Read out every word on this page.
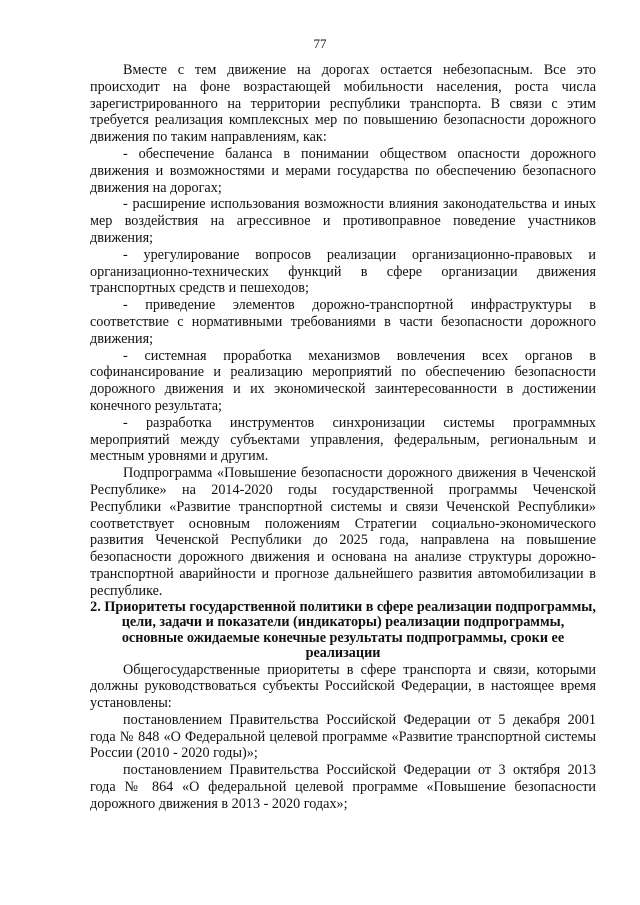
77

Вместе с тем движение на дорогах остается небезопасным. Все это происходит на фоне возрастающей мобильности населения, роста числа зарегистрированного на территории республики транспорта. В связи с этим требуется реализация комплексных мер по повышению безопасности дорожного движения по таким направлениям, как:

- обеспечение баланса в понимании обществом опасности дорожного движения и возможностями и мерами государства по обеспечению безопасного движения на дорогах;

- расширение использования возможности влияния законодательства и иных мер воздействия на агрессивное и противоправное поведение участников движения;

- урегулирование вопросов реализации организационно-правовых и организационно-технических функций в сфере организации движения транспортных средств и пешеходов;

- приведение элементов дорожно-транспортной инфраструктуры в соответствие с нормативными требованиями в части безопасности дорожного движения;

- системная проработка механизмов вовлечения всех органов в софинансирование и реализацию мероприятий по обеспечению безопасности дорожного движения и их экономической заинтересованности в достижении конечного результата;

- разработка инструментов синхронизации системы программных мероприятий между субъектами управления, федеральным, региональным и местным уровнями и другим.

Подпрограмма «Повышение безопасности дорожного движения в Чеченской Республике» на 2014-2020 годы государственной программы Чеченской Республики «Развитие транспортной системы и связи Чеченской Республики» соответствует основным положениям Стратегии социально-экономического развития Чеченской Республики до 2025 года, направлена на повышение безопасности дорожного движения и основана на анализе структуры дорожно-транспортной аварийности и прогнозе дальнейшего развития автомобилизации в республике.

2. Приоритеты государственной политики в сфере реализации подпрограммы, цели, задачи и показатели (индикаторы) реализации подпрограммы, основные ожидаемые конечные результаты подпрограммы, сроки ее реализации

Общегосударственные приоритеты в сфере транспорта и связи, которыми должны руководствоваться субъекты Российской Федерации, в настоящее время установлены:

постановлением Правительства Российской Федерации от 5 декабря 2001 года № 848 «О Федеральной целевой программе «Развитие транспортной системы России (2010 - 2020 годы)»;

постановлением Правительства Российской Федерации от 3 октября 2013 года № 864 «О федеральной целевой программе «Повышение безопасности дорожного движения в 2013 - 2020 годах»;
